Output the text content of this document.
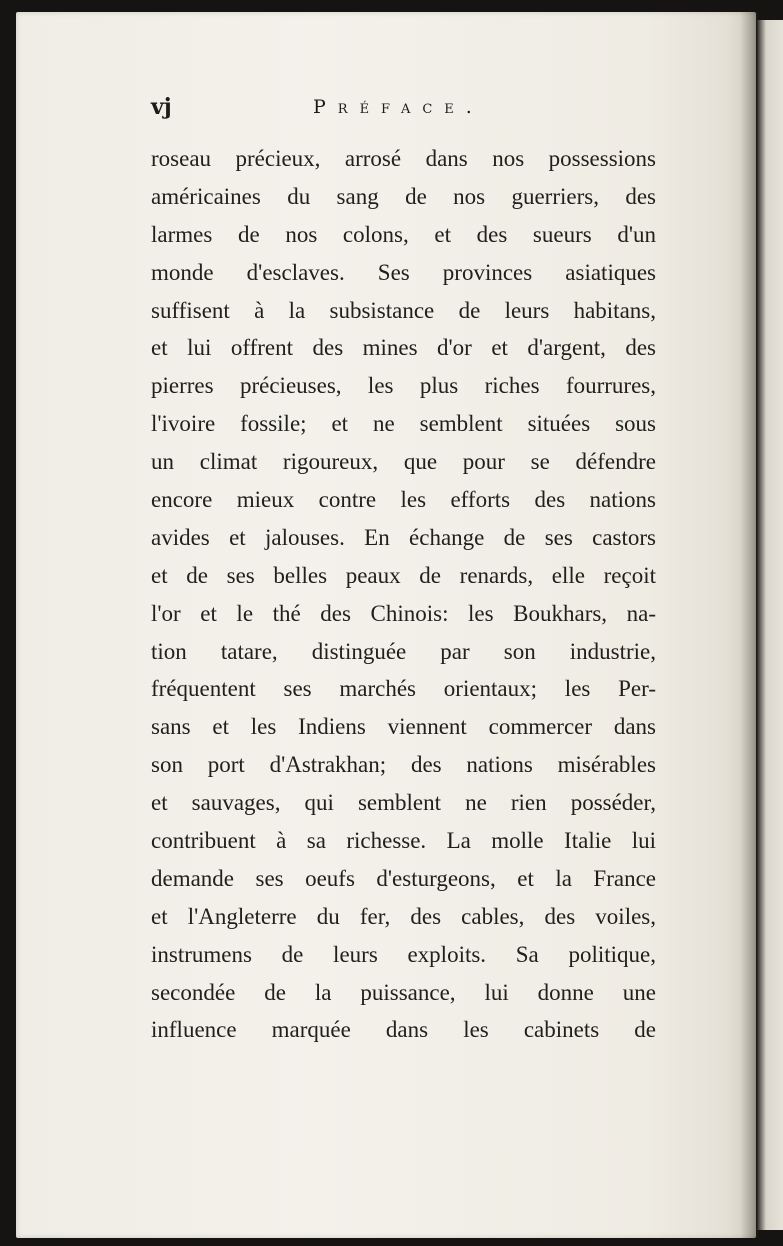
vj	Préface.
roseau précieux, arrosé dans nos possessions
américaines du sang de nos guerriers, des
larmes de nos colons, et des sueurs d'un
monde d'esclaves. Ses provinces asiatiques
suffisent à la subsistance de leurs habitans,
et lui offrent des mines d'or et d'argent, des
pierres précieuses, les plus riches fourrures,
l'ivoire fossile; et ne semblent situées sous
un climat rigoureux, que pour se défendre
encore mieux contre les efforts des nations
avides et jalouses. En échange de ses castors
et de ses belles peaux de renards, elle reçoit
l'or et le thé des Chinois: les Boukhars, na-
tion tatare, distinguée par son industrie,
fréquentent ses marchés orientaux; les Per-
sans et les Indiens viennent commercer dans
son port d'Astrakhan; des nations misérables
et sauvages, qui semblent ne rien posséder,
contribuent à sa richesse. La molle Italie lui
demande ses oeufs d'esturgeons, et la France
et l'Angleterre du fer, des cables, des voiles,
instrumens de leurs exploits. Sa politique,
secondée de la puissance, lui donne une
influence marquée dans les cabinets de
